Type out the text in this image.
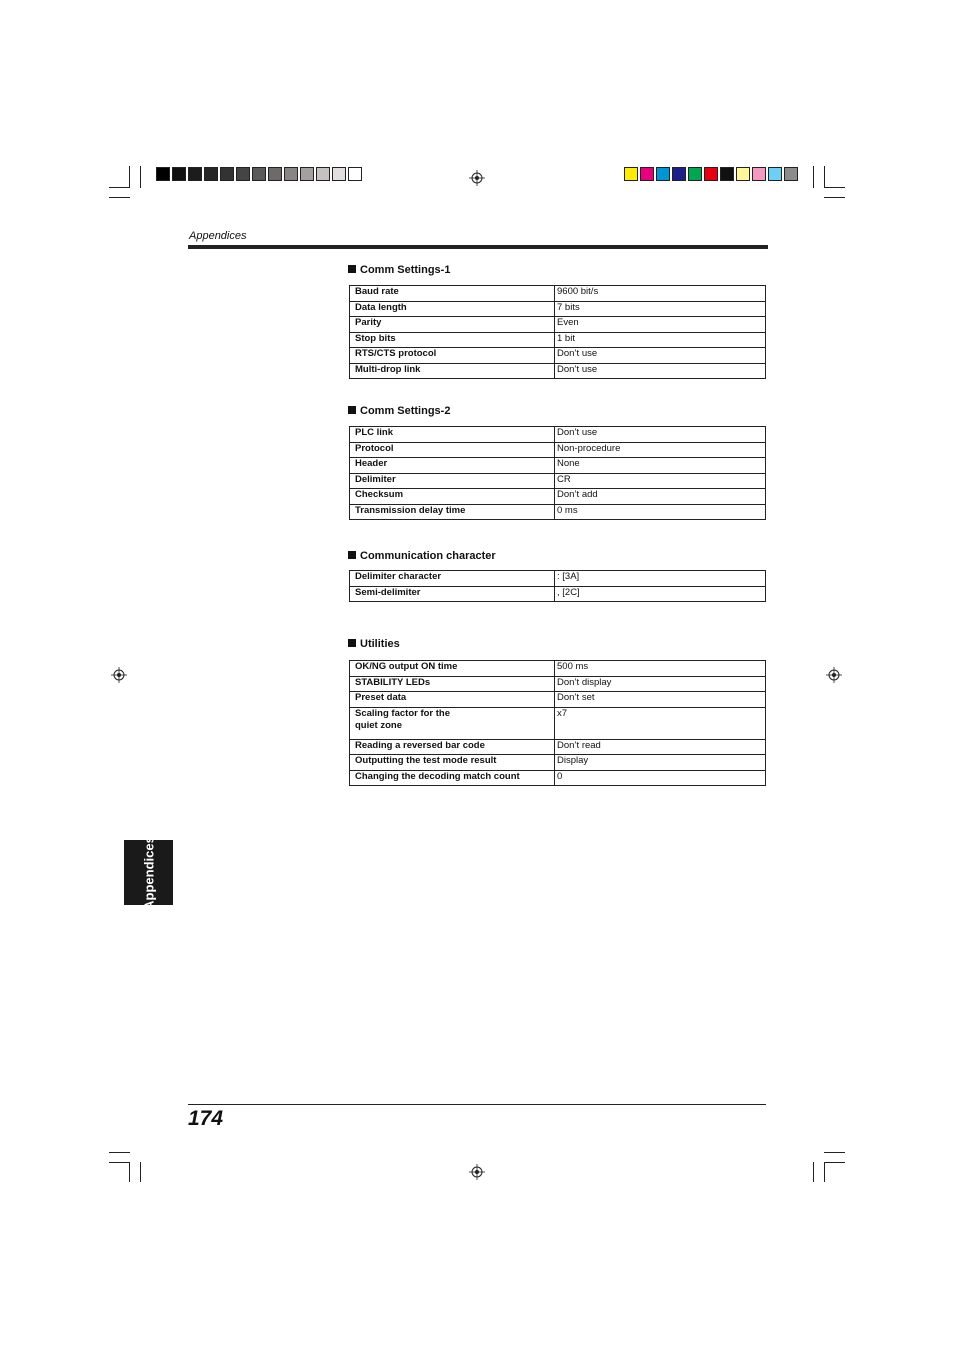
Appendices
Comm Settings-1
Baud rate	9600 bit/s
Data length	7 bits
Parity	Even
Stop bits	1 bit
RTS/CTS protocol	Don’t use
Multi-drop link	Don’t use
Comm Settings-2
PLC link	Don’t use
Protocol	Non-procedure
Header	None
Delimiter	CR
Checksum	Don’t add
Transmission delay time	0 ms
Communication character
Delimiter character	: [3A]
Semi-delimiter	, [2C]
Utilities
OK/NG output ON time	500 ms
STABILITY LEDs	Don’t display
Preset data	Don’t set

Scaling factor for the
quiet zone	x7
Reading a reversed bar code	Don’t read
Outputting the test mode result	Display
Changing the decoding match count	0
Appendices
174
